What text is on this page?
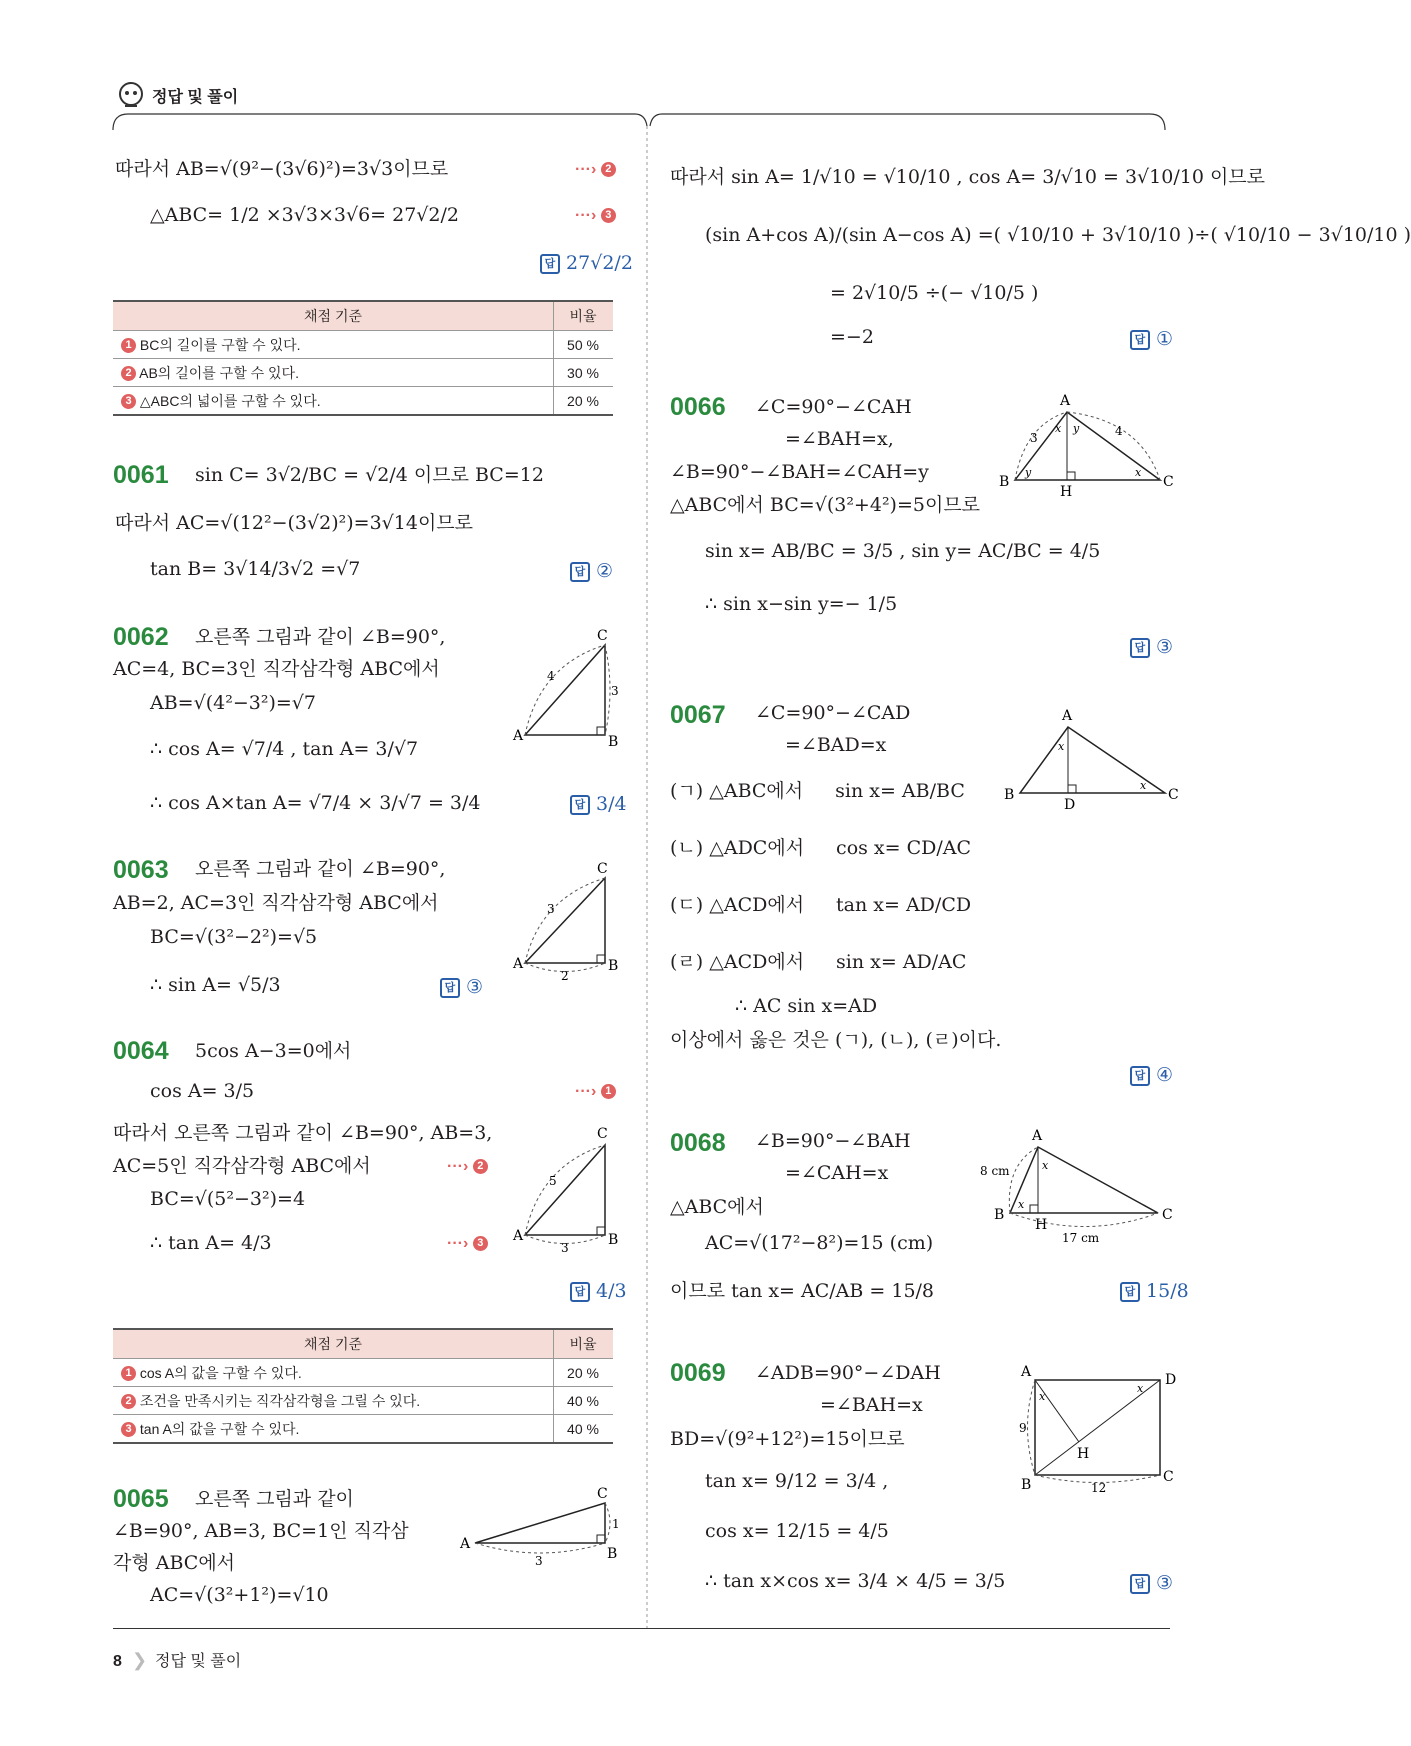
정답 및 풀이
따라서 AB=√(9²−(3√6)²)=3√3이므로	···› 2
△ABC= 1/2 ×3√3×3√6= 27√2/2	···› 3
답 27√2/2
채점 기준	비율
1 BC의 길이를 구할 수 있다.	50 %
2 AB의 길이를 구할 수 있다.	30 %
3 △ABC의 넓이를 구할 수 있다.	20 %
0061 sin C= 3√2/BC = √2/4 이므로 BC=12
따라서 AC=√(12²−(3√2)²)=3√14이므로
tan B= 3√14/3√2 =√7	답 ②
0062 오른쪽 그림과 같이 ∠B=90°,
AC=4, BC=3인 직각삼각형 ABC에서
AB=√(4²−3²)=√7
∴ cos A= √7/4 , tan A= 3/√7
∴ cos A×tan A= √7/4 × 3/√7 = 3/4	답 3/4
A	B
C
4
3
0063 오른쪽 그림과 같이 ∠B=90°,
AB=2, AC=3인 직각삼각형 ABC에서
BC=√(3²−2²)=√5
∴ sin A= √5/3	답 ③
A	B
C
3
2
0064 5cos A−3=0에서
cos A= 3/5	···› 1
따라서 오른쪽 그림과 같이 ∠B=90°, AB=3,
AC=5인 직각삼각형 ABC에서	···› 2
BC=√(5²−3²)=4
∴ tan A= 4/3	···› 3
답 4/3
A	B
C
5
3
채점 기준	비율
1 cos A의 값을 구할 수 있다.	20 %
2 조건을 만족시키는 직각삼각형을 그릴 수 있다.	40 %
3 tan A의 값을 구할 수 있다.	40 %
0065 오른쪽 그림과 같이
∠B=90°, AB=3, BC=1인 직각삼
각형 ABC에서
AC=√(3²+1²)=√10
A
B
C
3
1
따라서 sin A= 1/√10 = √10/10 , cos A= 3/√10 = 3√10/10 이므로
(sin A+cos A)/(sin A−cos A) =( √10/10 + 3√10/10 )÷( √10/10 − 3√10/10 )
= 2√10/5 ÷(− √10/5 )
=−2	답 ①
0066 ∠C=90°−∠CAH
=∠BAH=x,
∠B=90°−∠BAH=∠CAH=y
△ABC에서 BC=√(3²+4²)=5이므로
sin x= AB/BC = 3/5 , sin y= AC/BC = 4/5
∴ sin x−sin y=− 1/5
답 ③
A
B	C
H
3	4
x y
y	x
0067 ∠C=90°−∠CAD
=∠BAD=x
(ㄱ) △ABC에서 sin x= AB/BC
(ㄴ) △ADC에서 cos x= CD/AC
(ㄷ) △ACD에서 tan x= AD/CD
(ㄹ) △ACD에서 sin x= AD/AC
∴ AC sin x=AD
이상에서 옳은 것은 (ㄱ), (ㄴ), (ㄹ)이다.
답 ④
A
B	C
D
x
x
0068 ∠B=90°−∠BAH
=∠CAH=x
△ABC에서
AC=√(17²−8²)=15 (cm)
이므로 tan x= AC/AB = 15/8	답 15/8
A
B	C
H
8 cm
17 cm
x
x
0069 ∠ADB=90°−∠DAH
=∠BAH=x
BD=√(9²+12²)=15이므로
tan x= 9/12 = 3/4 ,
cos x= 12/15 = 4/5
∴ tan x×cos x= 3/4 × 4/5 = 3/5	답 ③
A	D
B	C
H
9
12
x
x
8 ❯ 정답 및 풀이
